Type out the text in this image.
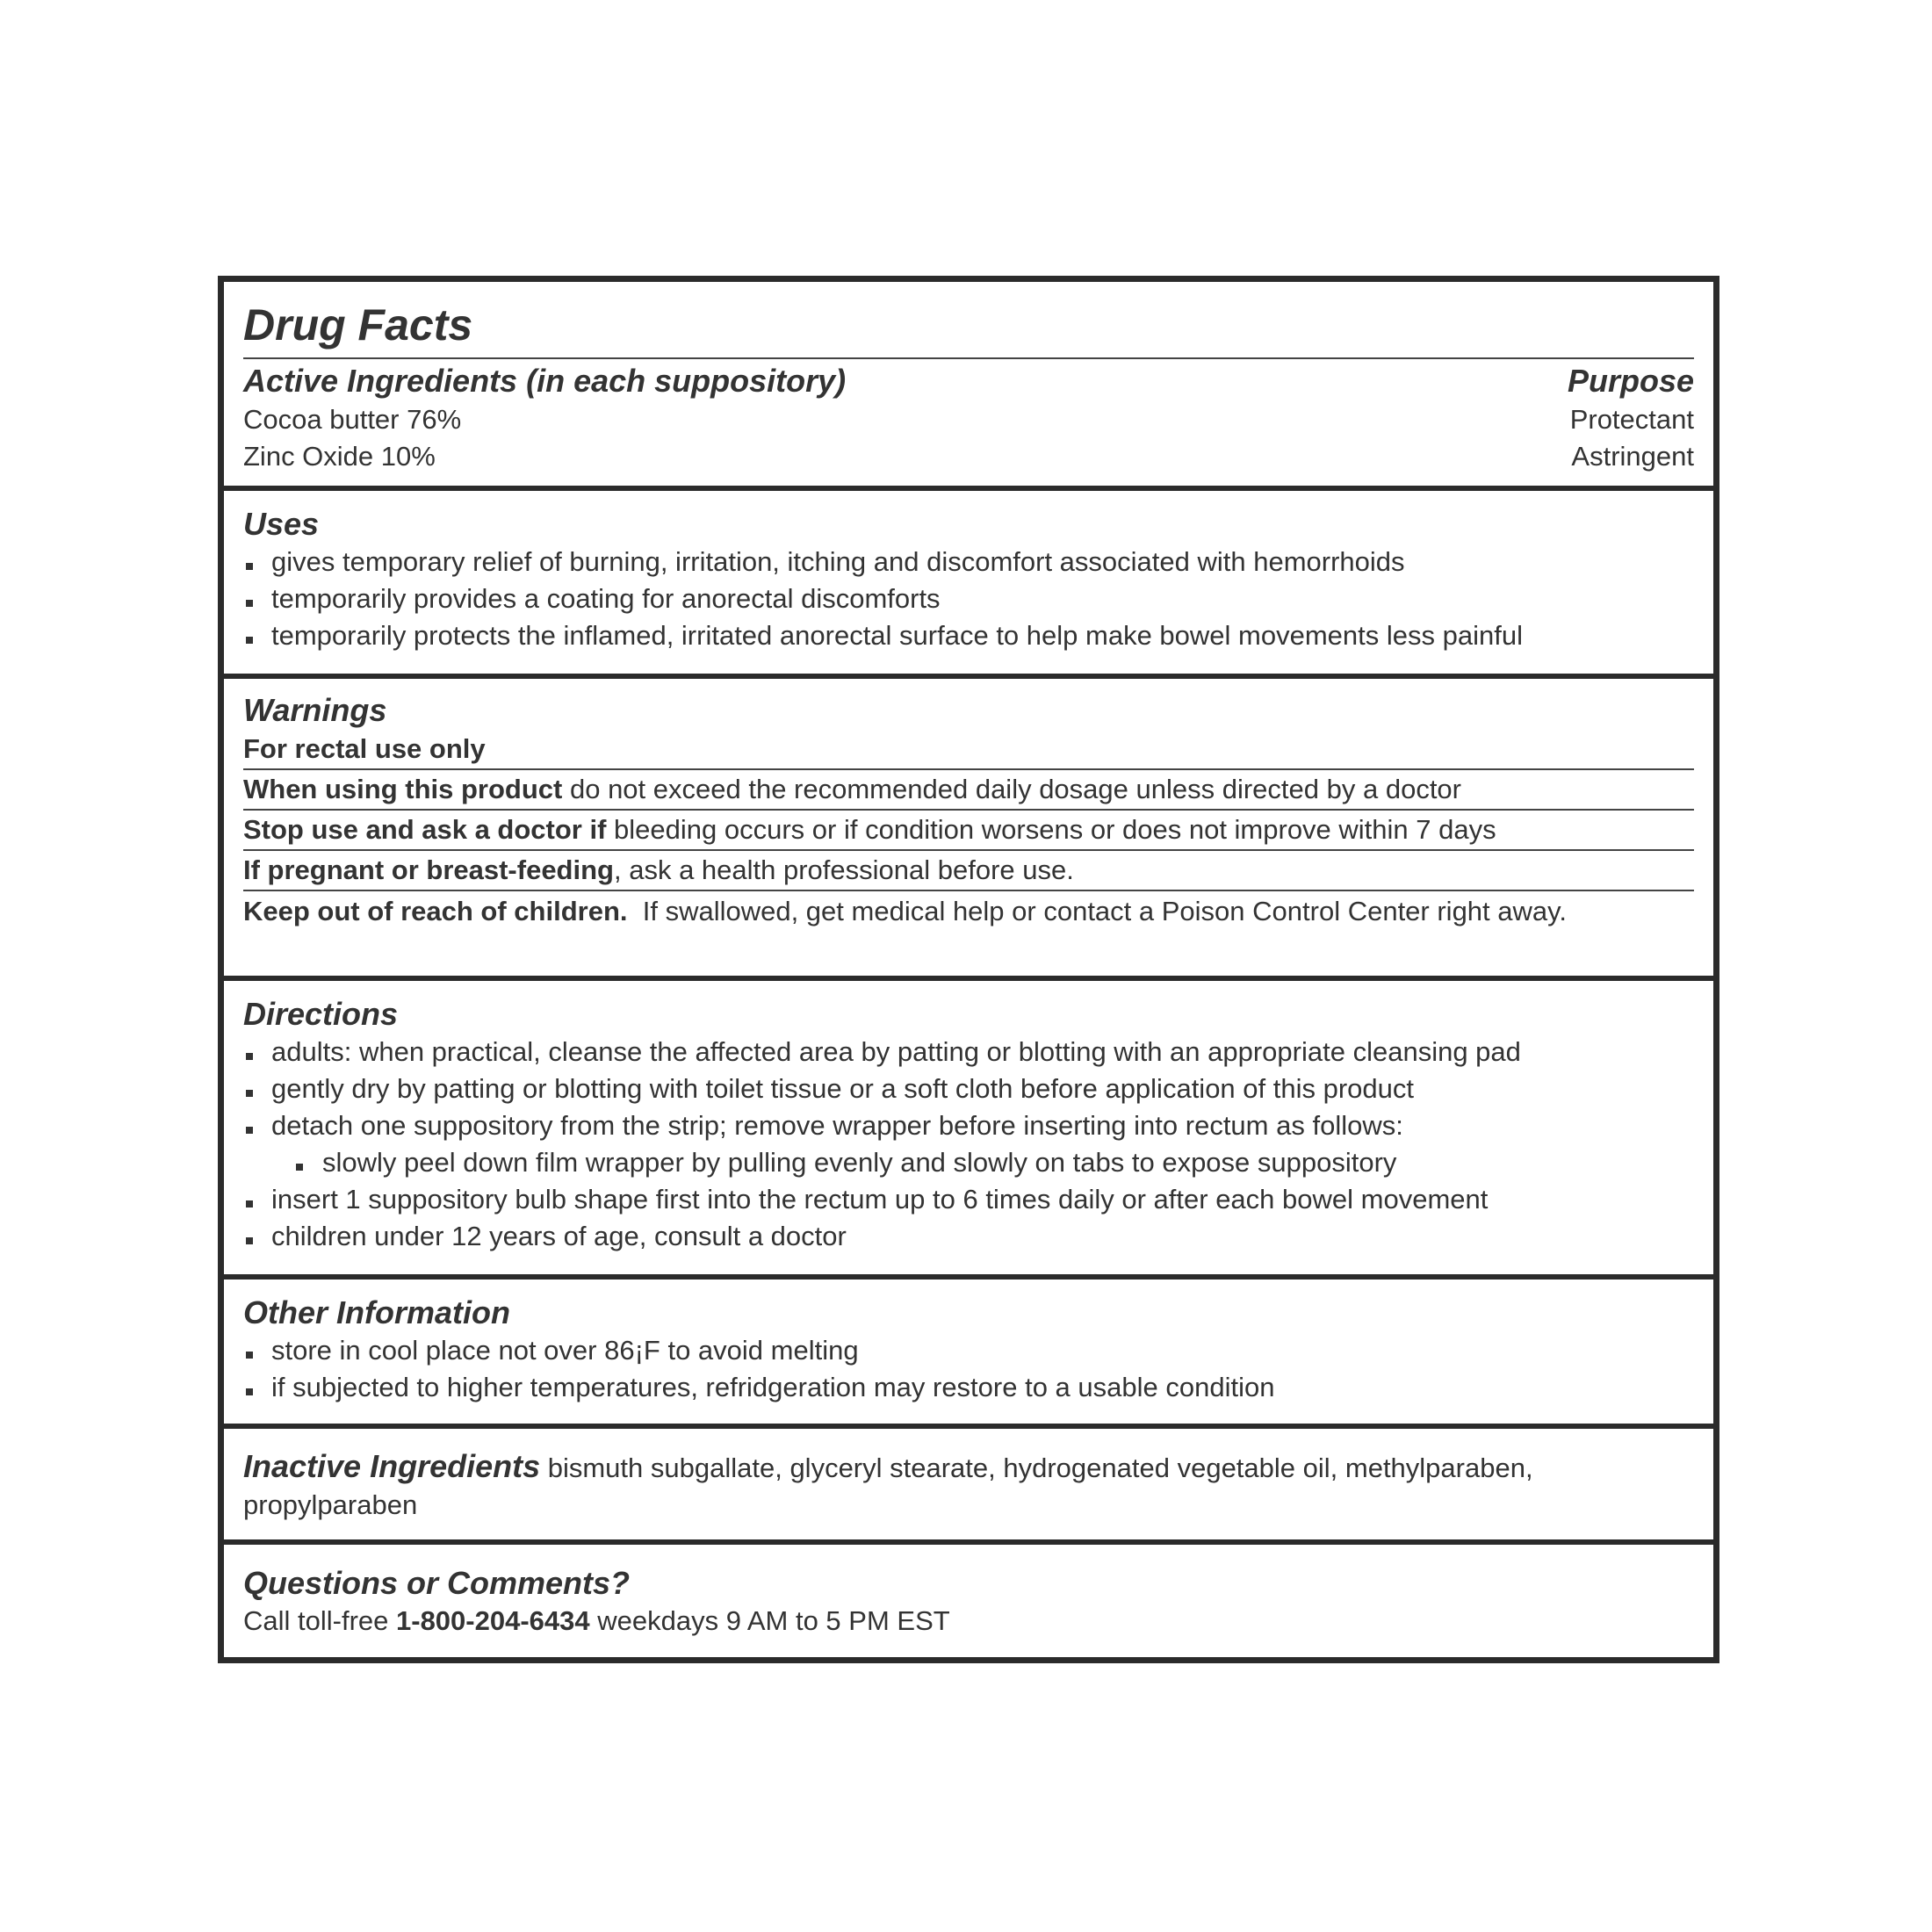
Drug Facts
Active Ingredients (in each suppository)	Purpose
Cocoa butter 76%	Protectant
Zinc Oxide 10%	Astringent
Uses
gives temporary relief of burning, irritation, itching and discomfort associated with hemorrhoids
temporarily provides a coating for anorectal discomforts
temporarily protects the inflamed, irritated anorectal surface to help make bowel movements less painful
Warnings
For rectal use only
When using this product do not exceed the recommended daily dosage unless directed by a doctor
Stop use and ask a doctor if bleeding occurs or if condition worsens or does not improve within 7 days
If pregnant or breast-feeding, ask a health professional before use.
Keep out of reach of children.  If swallowed, get medical help or contact a Poison Control Center right away.
Directions
adults: when practical, cleanse the affected area by patting or blotting with an appropriate cleansing pad
gently dry by patting or blotting with toilet tissue or a soft cloth before application of this product
detach one suppository from the strip; remove wrapper before inserting into rectum as follows:
slowly peel down film wrapper by pulling evenly and slowly on tabs to expose suppository
insert 1 suppository bulb shape first into the rectum up to 6 times daily or after each bowel movement
children under 12 years of age, consult a doctor
Other Information
store in cool place not over 86¡F to avoid melting
if subjected to higher temperatures, refridgeration may restore to a usable condition
Inactive Ingredients bismuth subgallate, glyceryl stearate, hydrogenated vegetable oil, methylparaben, propylparaben
Questions or Comments?
Call toll-free 1-800-204-6434 weekdays 9 AM to 5 PM EST
